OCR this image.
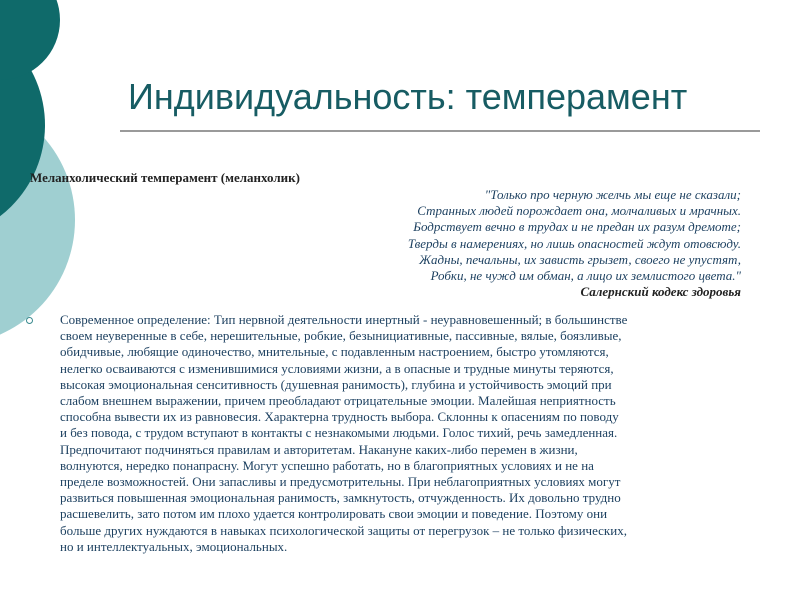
Индивидуальность: темперамент
Меланхолический темперамент (меланхолик)
"Только про черную желчь мы еще не сказали;
Странных людей порождает она, молчаливых и мрачных.
Бодрствует вечно в трудах и не предан их разум дремоте;
Тверды в намерениях, но лишь опасностей ждут отовсюду.
Жадны, печальны, их зависть грызет, своего не упустят,
Робки, не чужд им обман, а лицо их землистого цвета."
Салернский кодекс здоровья
Современное определение: Тип нервной деятельности инертный - неуравновешенный; в большинстве
своем неуверенные в себе, нерешительные, робкие, безынициативные, пассивные, вялые, боязливые,
обидчивые, любящие одиночество, мнительные, с подавленным настроением, быстро утомляются,
нелегко осваиваются с изменившимися условиями жизни, а в опасные и трудные минуты теряются,
высокая эмоциональная сенситивность (душевная ранимость), глубина и устойчивость эмоций при
слабом внешнем выражении, причем преобладают отрицательные эмоции. Малейшая неприятность
способна вывести их из равновесия. Характерна трудность выбора. Склонны к опасениям по поводу
и без повода, с трудом вступают в контакты с незнакомыми людьми. Голос тихий, речь замедленная.
Предпочитают подчиняться правилам и авторитетам. Накануне каких-либо перемен в жизни,
волнуются, нередко понапрасну. Могут успешно работать, но в благоприятных условиях и не на
пределе возможностей. Они запасливы и предусмотрительны. При неблагоприятных условиях могут
развиться повышенная эмоциональная ранимость, замкнутость, отчужденность. Их довольно трудно
расшевелить, зато потом им плохо удается контролировать свои эмоции и поведение. Поэтому они
больше других нуждаются в навыках психологической защиты от перегрузок – не только физических,
но и интеллектуальных, эмоциональных.
